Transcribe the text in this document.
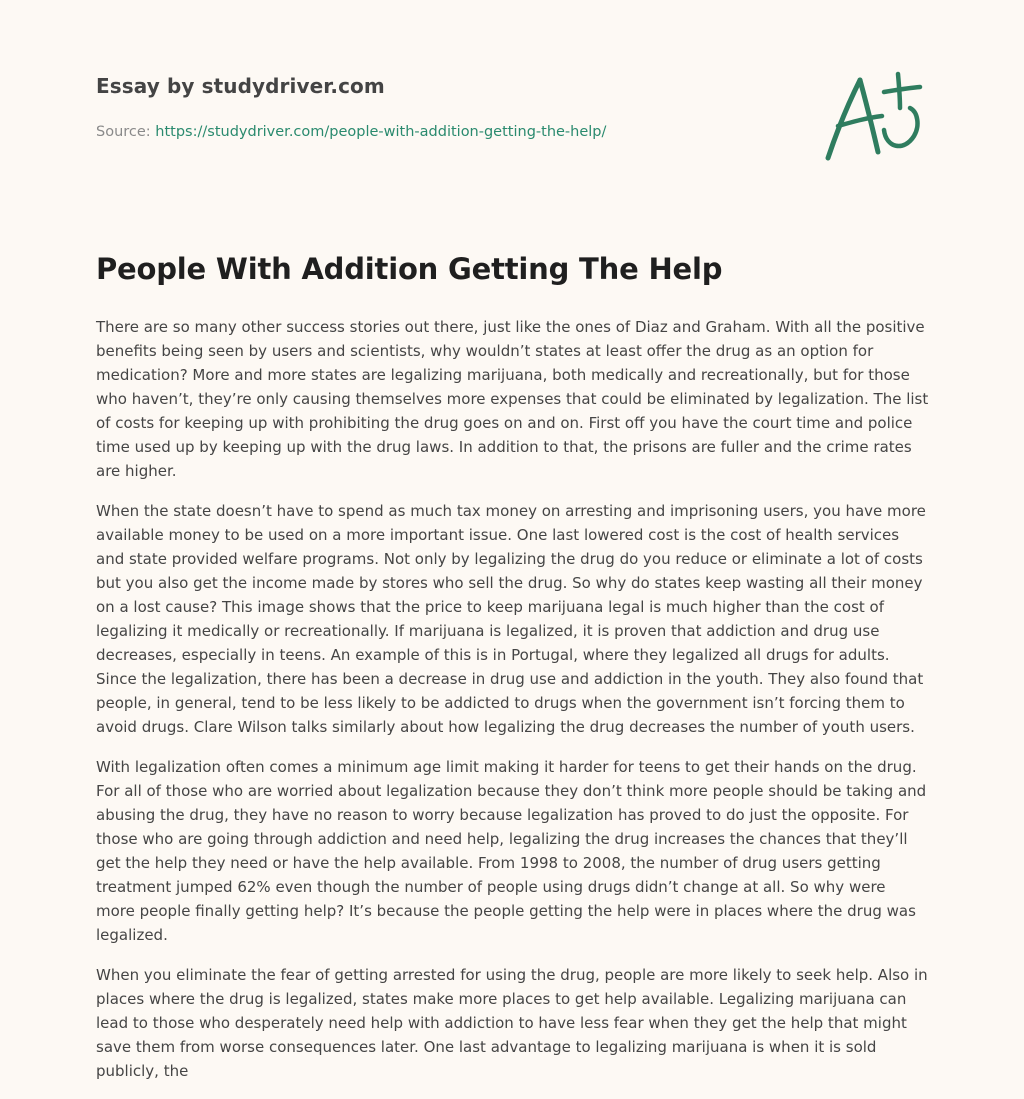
Essay by studydriver.com

Source: https://studydriver.com/people-with-addition-getting-the-help/
People With Addition Getting The Help

There are so many other success stories out there, just like the ones of Diaz and Graham. With all the positive benefits being seen by users and scientists, why wouldn’t states at least offer the drug as an option for medication? More and more states are legalizing marijuana, both medically and recreationally, but for those who haven’t, they’re only causing themselves more expenses that could be eliminated by legalization. The list of costs for keeping up with prohibiting the drug goes on and on. First off you have the court time and police time used up by keeping up with the drug laws. In addition to that, the prisons are fuller and the crime rates are higher.

When the state doesn’t have to spend as much tax money on arresting and imprisoning users, you have more available money to be used on a more important issue. One last lowered cost is the cost of health services and state provided welfare programs. Not only by legalizing the drug do you reduce or eliminate a lot of costs but you also get the income made by stores who sell the drug. So why do states keep wasting all their money on a lost cause? This image shows that the price to keep marijuana legal is much higher than the cost of legalizing it medically or recreationally. If marijuana is legalized, it is proven that addiction and drug use decreases, especially in teens. An example of this is in Portugal, where they legalized all drugs for adults. Since the legalization, there has been a decrease in drug use and addiction in the youth. They also found that people, in general, tend to be less likely to be addicted to drugs when the government isn’t forcing them to avoid drugs. Clare Wilson talks similarly about how legalizing the drug decreases the number of youth users.

With legalization often comes a minimum age limit making it harder for teens to get their hands on the drug. For all of those who are worried about legalization because they don’t think more people should be taking and abusing the drug, they have no reason to worry because legalization has proved to do just the opposite. For those who are going through addiction and need help, legalizing the drug increases the chances that they’ll get the help they need or have the help available. From 1998 to 2008, the number of drug users getting treatment jumped 62% even though the number of people using drugs didn’t change at all. So why were more people finally getting help? It’s because the people getting the help were in places where the drug was legalized.

When you eliminate the fear of getting arrested for using the drug, people are more likely to seek help. Also in places where the drug is legalized, states make more places to get help available. Legalizing marijuana can lead to those who desperately need help with addiction to have less fear when they get the help that might save them from worse consequences later. One last advantage to legalizing marijuana is when it is sold publicly, the
